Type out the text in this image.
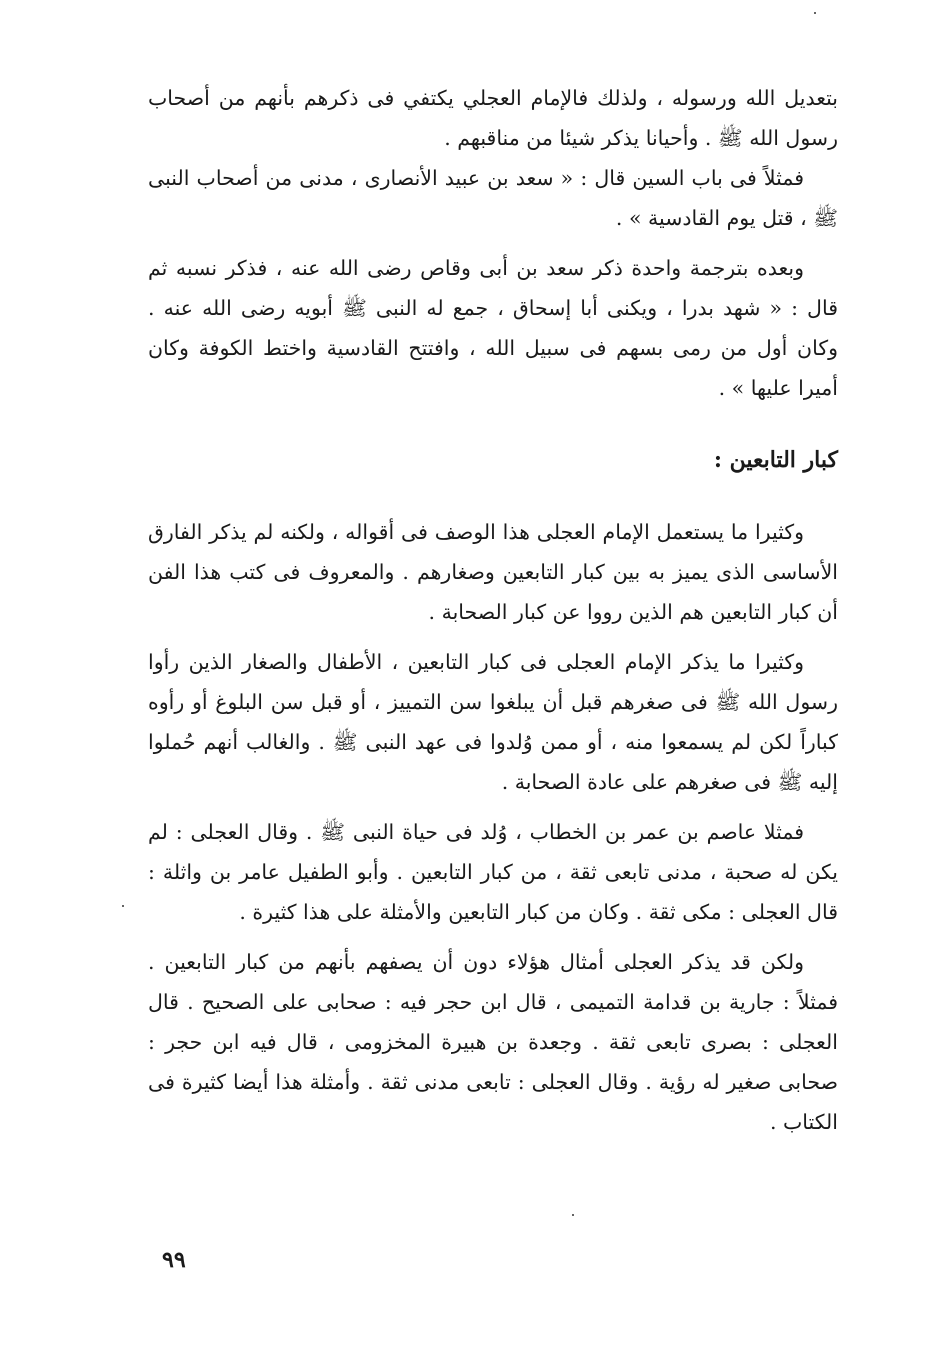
بتعديل الله ورسوله ، ولذلك فالإمام العجلي يكتفي فى ذكرهم بأنهم من أصحاب رسول الله ﷺ . وأحيانا يذكر شيئا من مناقبهم .

فمثلاً فى باب السين قال : « سعد بن عبيد الأنصارى ، مدنى من أصحاب النبى ﷺ ، قتل يوم القادسية » .

وبعده بترجمة واحدة ذكر سعد بن أبى وقاص رضى الله عنه ، فذكر نسبه ثم قال : « شهد بدرا ، ويكنى أبا إسحاق ، جمع له النبى ﷺ أبويه رضى الله عنه . وكان أول من رمى بسهم فى سبيل الله ، وافتتح القادسية واختط الكوفة وكان أميرا عليها » .

كبار التابعين :

وكثيرا ما يستعمل الإمام العجلى هذا الوصف فى أقواله ، ولكنه لم يذكر الفارق الأساسى الذى يميز به بين كبار التابعين وصغارهم . والمعروف فى كتب هذا الفن أن كبار التابعين هم الذين رووا عن كبار الصحابة .

وكثيرا ما يذكر الإمام العجلى فى كبار التابعين ، الأطفال والصغار الذين رأوا رسول الله ﷺ فى صغرهم قبل أن يبلغوا سن التمييز ، أو قبل سن البلوغ أو رأوه كباراً لكن لم يسمعوا منه ، أو ممن وُلدوا فى عهد النبى ﷺ . والغالب أنهم حُملوا إليه ﷺ فى صغرهم على عادة الصحابة .

فمثلا عاصم بن عمر بن الخطاب ، وُلد فى حياة النبى ﷺ . وقال العجلى : لم يكن له صحبة ، مدنى تابعى ثقة ، من كبار التابعين . وأبو الطفيل عامر بن واثلة : قال العجلى : مكى ثقة . وكان من كبار التابعين والأمثلة على هذا كثيرة .

ولكن قد يذكر العجلى أمثال هؤلاء دون أن يصفهم بأنهم من كبار التابعين . فمثلاً : جارية بن قدامة التميمى ، قال ابن حجر فيه : صحابى على الصحيح . قال العجلى : بصرى تابعى ثقة . وجعدة بن هبيرة المخزومى ، قال فيه ابن حجر : صحابى صغير له رؤية . وقال العجلى : تابعى مدنى ثقة . وأمثلة هذا أيضا كثيرة فى الكتاب .

٩٩
